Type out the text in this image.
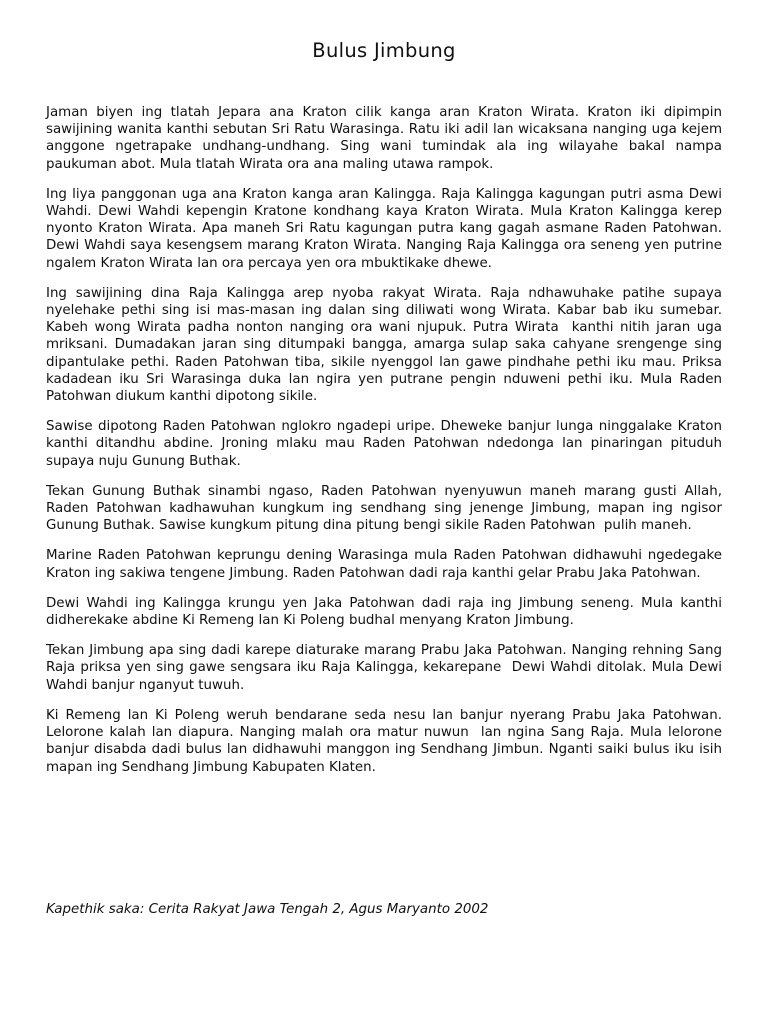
Bulus Jimbung

Jaman biyen ing tlatah Jepara ana Kraton cilik kanga aran Kraton Wirata. Kraton iki dipimpin sawijining wanita kanthi sebutan Sri Ratu Warasinga. Ratu iki adil lan wicaksana nanging uga kejem anggone ngetrapake undhang-undhang. Sing wani tumindak ala ing wilayahe bakal nampa paukuman abot. Mula tlatah Wirata ora ana maling utawa rampok.

Ing liya panggonan uga ana Kraton kanga aran Kalingga. Raja Kalingga kagungan putri asma Dewi Wahdi. Dewi Wahdi kepengin Kratone kondhang kaya Kraton Wirata. Mula Kraton Kalingga kerep nyonto Kraton Wirata. Apa maneh Sri Ratu kagungan putra kang gagah asmane Raden Patohwan. Dewi Wahdi saya kesengsem marang Kraton Wirata. Nanging Raja Kalingga ora seneng yen putrine ngalem Kraton Wirata lan ora percaya yen ora mbuktikake dhewe.

Ing sawijining dina Raja Kalingga arep nyoba rakyat Wirata. Raja ndhawuhake patihe supaya nyelehake pethi sing isi mas-masan ing dalan sing diliwati wong Wirata. Kabar bab iku sumebar. Kabeh wong Wirata padha nonton nanging ora wani njupuk. Putra Wirata  kanthi nitih jaran uga mriksani. Dumadakan jaran sing ditumpaki bangga, amarga sulap saka cahyane srengenge sing dipantulake pethi. Raden Patohwan tiba, sikile nyenggol lan gawe pindhahe pethi iku mau. Priksa kadadean iku Sri Warasinga duka lan ngira yen putrane pengin nduweni pethi iku. Mula Raden Patohwan diukum kanthi dipotong sikile.

Sawise dipotong Raden Patohwan nglokro ngadepi uripe. Dheweke banjur lunga ninggalake Kraton kanthi ditandhu abdine. Jroning mlaku mau Raden Patohwan ndedonga lan pinaringan pituduh supaya nuju Gunung Buthak.

Tekan Gunung Buthak sinambi ngaso, Raden Patohwan nyenyuwun maneh marang gusti Allah, Raden Patohwan kadhawuhan kungkum ing sendhang sing jenenge Jimbung, mapan ing ngisor Gunung Buthak. Sawise kungkum pitung dina pitung bengi sikile Raden Patohwan  pulih maneh.

Marine Raden Patohwan keprungu dening Warasinga mula Raden Patohwan didhawuhi ngedegake Kraton ing sakiwa tengene Jimbung. Raden Patohwan dadi raja kanthi gelar Prabu Jaka Patohwan.

Dewi Wahdi ing Kalingga krungu yen Jaka Patohwan dadi raja ing Jimbung seneng. Mula kanthi didherekake abdine Ki Remeng lan Ki Poleng budhal menyang Kraton Jimbung.

Tekan Jimbung apa sing dadi karepe diaturake marang Prabu Jaka Patohwan. Nanging rehning Sang Raja priksa yen sing gawe sengsara iku Raja Kalingga, kekarepane  Dewi Wahdi ditolak. Mula Dewi Wahdi banjur nganyut tuwuh.

Ki Remeng lan Ki Poleng weruh bendarane seda nesu lan banjur nyerang Prabu Jaka Patohwan. Lelorone kalah lan diapura. Nanging malah ora matur nuwun  lan ngina Sang Raja. Mula lelorone banjur disabda dadi bulus lan didhawuhi manggon ing Sendhang Jimbun. Nganti saiki bulus iku isih mapan ing Sendhang Jimbung Kabupaten Klaten.

Kapethik saka: Cerita Rakyat Jawa Tengah 2, Agus Maryanto 2002
